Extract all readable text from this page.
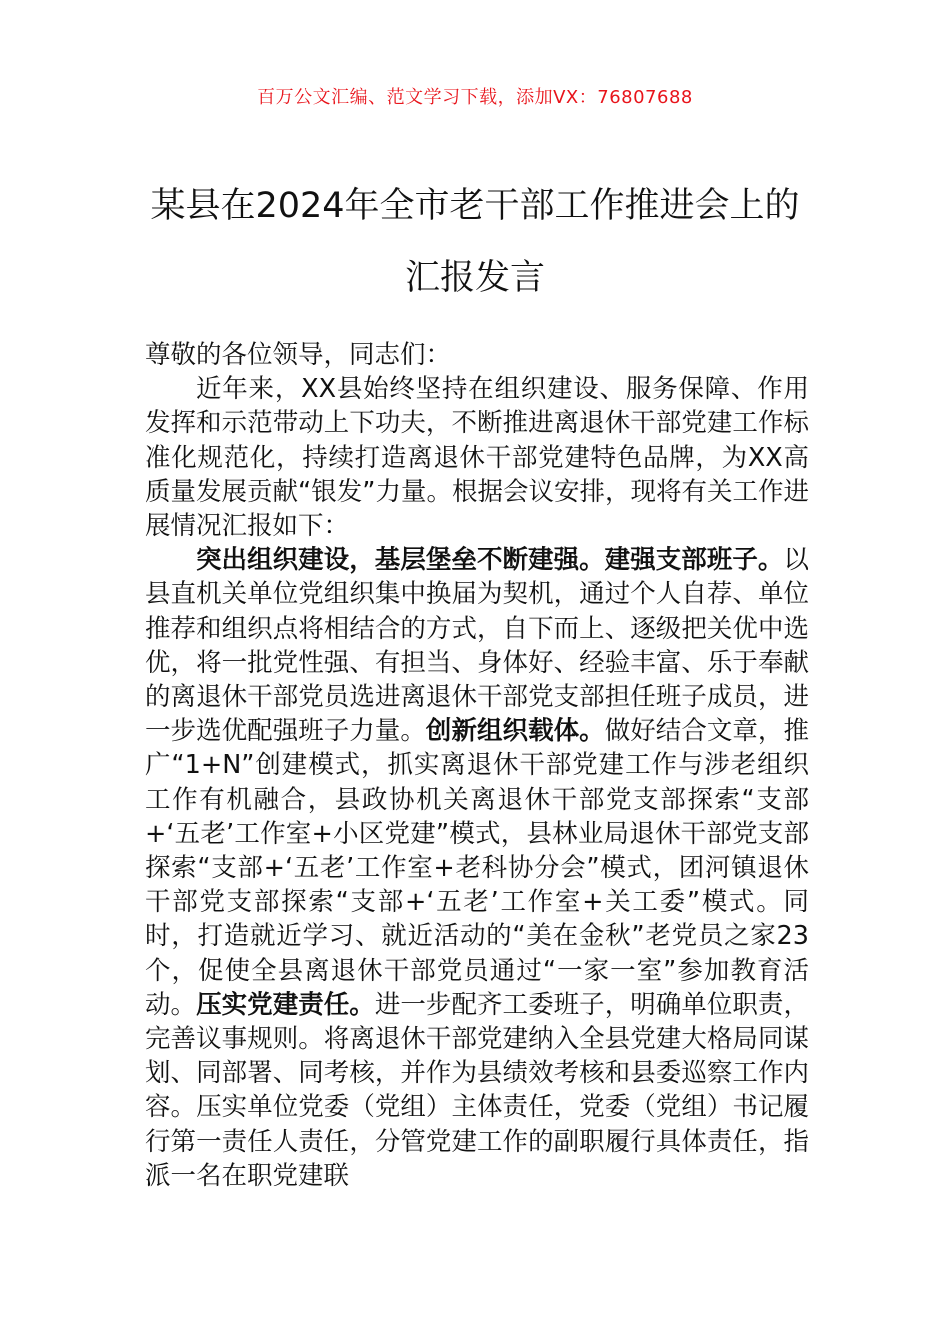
百万公文汇编、范文学习下载，添加VX：76807688
某县在2024年全市老干部工作推进会上的
汇报发言

尊敬的各位领导，同志们：

近年来，XX县始终坚持在组织建设、服务保障、作用发挥和示范带动上下功夫，不断推进离退休干部党建工作标准化规范化，持续打造离退休干部党建特色品牌，为XX高质量发展贡献“银发”力量。根据会议安排，现将有关工作进展情况汇报如下：

突出组织建设，基层堡垒不断建强。建强支部班子。以县直机关单位党组织集中换届为契机，通过个人自荐、单位推荐和组织点将相结合的方式，自下而上、逐级把关优中选优，将一批党性强、有担当、身体好、经验丰富、乐于奉献的离退休干部党员选进离退休干部党支部担任班子成员，进一步选优配强班子力量。创新组织载体。做好结合文章，推广“1+N”创建模式，抓实离退休干部党建工作与涉老组织工作有机融合，县政协机关离退休干部党支部探索“支部+‘五老’工作室+小区党建”模式，县林业局退休干部党支部探索“支部+‘五老’工作室+老科协分会”模式，团河镇退休干部党支部探索“支部+‘五老’工作室+关工委”模式。同时，打造就近学习、就近活动的“美在金秋”老党员之家23个，促使全县离退休干部党员通过“一家一室”参加教育活动。压实党建责任。进一步配齐工委班子，明确单位职责，完善议事规则。将离退休干部党建纳入全县党建大格局同谋划、同部署、同考核，并作为县绩效考核和县委巡察工作内容。压实单位党委（党组）主体责任，党委（党组）书记履行第一责任人责任，分管党建工作的副职履行具体责任，指派一名在职党建联
